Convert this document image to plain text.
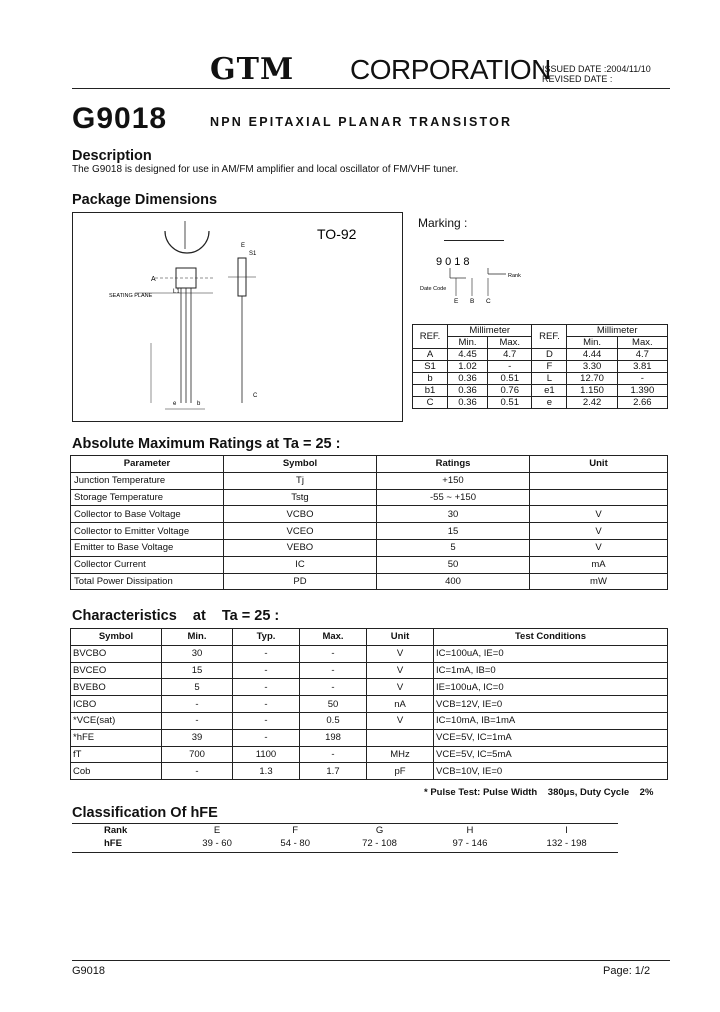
GTM CORPORATION
ISSUED DATE :2004/11/10
REVISED DATE :
G9018	NPN EPITAXIAL PLANAR TRANSISTOR
Description
The G9018 is designed for use in AM/FM amplifier and local oscillator of FM/VHF tuner.
Package Dimensions
TO-92
A
L1
SEATING PLANE
e	b
E
S1
C
Marking :
9018
Rank
Date Code
E B C
REF.	Millimeter		REF.	Millimeter	
	Min.	Max.		Min.	Max.
A	4.45	4.7	D	4.44	4.7
S1	1.02	-	F	3.30	3.81
b	0.36	0.51	L	12.70	-
b1	0.36	0.76	e1	1.150	1.390
C	0.36	0.51	e	2.42	2.66
Absolute Maximum Ratings at Ta = 25 :
Parameter	Symbol	Ratings	Unit
Junction Temperature	Tj	+150	
Storage Temperature	Tstg	-55 ~ +150	
Collector to Base Voltage	VCBO	30	V
Collector to Emitter Voltage	VCEO	15	V
Emitter to Base Voltage	VEBO	5	V
Collector Current	IC	50	mA
Total Power Dissipation	PD	400	mW
Characteristics    at    Ta = 25 :
Symbol	Min.	Typ.	Max.	Unit	Test Conditions
BVCBO	30	-	-	V	IC=100uA, IE=0
BVCEO	15	-	-	V	IC=1mA, IB=0
BVEBO	5	-	-	V	IE=100uA, IC=0
ICBO	-	-	50	nA	VCB=12V, IE=0
*VCE(sat)	-	-	0.5	V	IC=10mA, IB=1mA
*hFE	39	-	198		VCE=5V, IC=1mA
fT	700	1100	-	MHz	VCE=5V, IC=5mA
Cob	-	1.3	1.7	pF	VCB=10V, IE=0
* Pulse Test: Pulse Width    380μs, Duty Cycle    2%
Classification Of hFE
Rank	E	F	G	H	I
hFE	39 - 60	54 - 80	72 - 108	97 - 146	132 - 198
G9018	Page: 1/2
